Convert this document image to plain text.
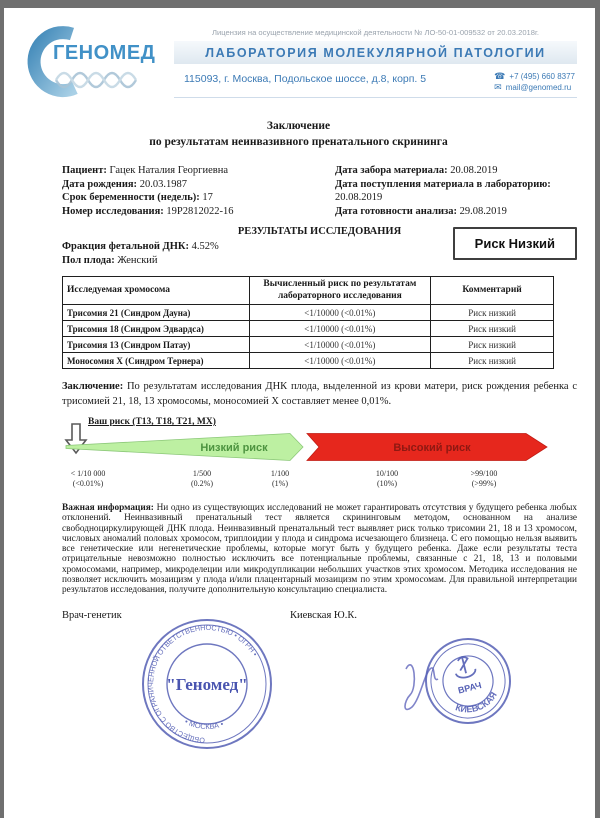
ГЕНОМЕД
Лицензия на осуществление медицинской деятельности № ЛО-50-01-009532 от 20.03.2018г.
ЛАБОРАТОРИЯ МОЛЕКУЛЯРНОЙ ПАТОЛОГИИ
115093, г. Москва, Подольское шоссе, д.8, корп. 5	☎ +7 (495) 660 8377
✉ mail@genomed.ru
Заключение
по результатам неинвазивного пренатального скрининга
Пациент: Гацек Наталия Георгиевна
Дата рождения: 20.03.1987
Срок беременности (недель): 17
Номер исследования: 19P2812022-16
Дата забора материала: 20.08.2019
Дата поступления материала в лабораторию: 20.08.2019
Дата готовности анализа: 29.08.2019
РЕЗУЛЬТАТЫ ИССЛЕДОВАНИЯ
Фракция фетальной ДНК: 4.52%
Пол плода: Женский
Риск Низкий
Исследуемая хромосома	Вычисленный риск по результатам лабораторного исследования	Комментарий
Трисомия 21 (Синдром Дауна)	<1/10000 (<0.01%)	Риск низкий
Трисомия 18 (Синдром Эдвардса)	<1/10000 (<0.01%)	Риск низкий
Трисомия 13 (Синдром Патау)	<1/10000 (<0.01%)	Риск низкий
Моносомия X (Синдром Тернера)	<1/10000 (<0.01%)	Риск низкий

Заключение: По результатам исследования ДНК плода, выделенной из крови матери, риск рождения ребенка с трисомией 21, 18, 13 хромосомы, моносомией X составляет менее 0,01%.

Ваш риск (T13, T18, T21, MX)
Низкий риск	Высокий риск
< 1/10 000
(<0.01%)
1/500
(0.2%)
1/100
(1%)
10/100
(10%)
>99/100
(>99%)

Важная информация: Ни одно из существующих исследований не может гарантировать отсутствия у будущего ребенка любых отклонений. Неинвазивный пренатальный тест является скрининговым методом, основанном на анализе свободноциркулирующей ДНК плода. Неинвазивный пренатальный тест выявляет риск только трисомии 21, 18 и 13 хромосом, числовых аномалий половых хромосом, триплоидии у плода и синдрома исчезающего близнеца. С его помощью нельзя выявить все генетические или негенетические проблемы, которые могут быть у будущего ребенка. Даже если результаты теста отрицательные невозможно полностью исключить все потенциальные проблемы, связанные с 21, 18, 13 и половыми хромосомами, например, микроделеции или микродупликации небольших участков этих хромосом. Методика исследования не позволяет исключить мозаицизм у плода и/или плацентарный мозаицизм по этим хромосомам. Для правильной интерпретации результатов исследования, получите дополнительную консультацию специалиста.

Врач-генетик	Киевская Ю.К.
ОБЩЕСТВО С ОГРАНИЧЕННОЙ ОТВЕТСТВЕННОСТЬЮ • ОГРН •
• МОСКВА •
"Геномед"	ВРАЧ
КИЕВСКАЯ
